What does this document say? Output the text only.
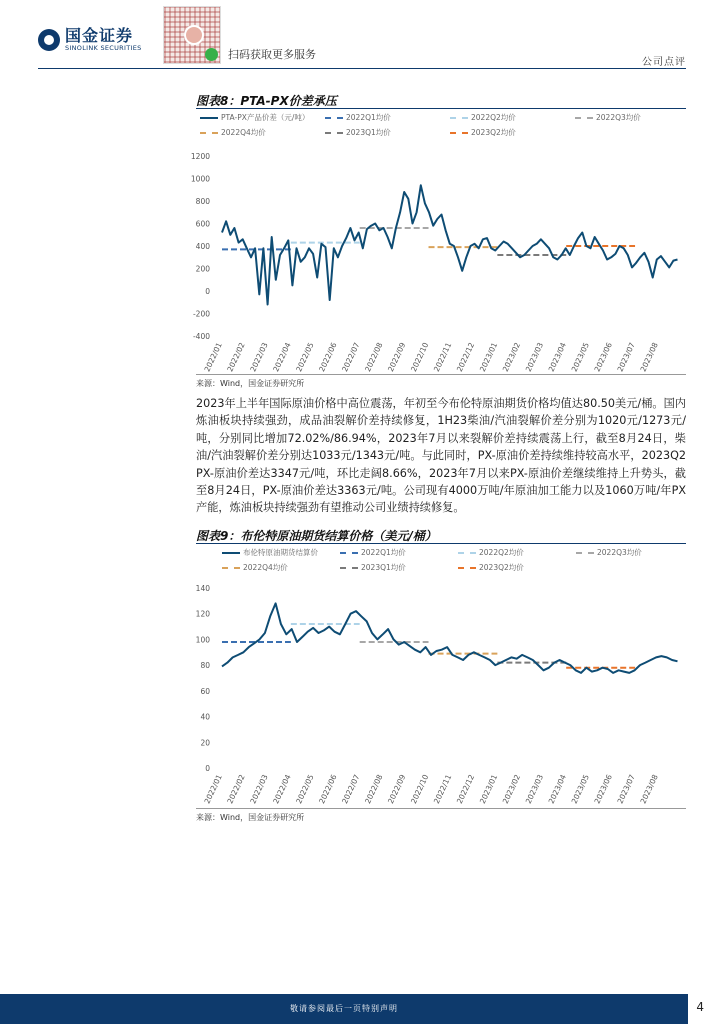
国金证券
SINOLINK SECURITIES	扫码获取更多服务
公司点评
图表8：PTA-PX价差承压
PTA-PX产品价差（元/吨）	2022Q1均价	2022Q2均价	2022Q3均价
2022Q4均价	2023Q1均价	2023Q2均价
1200
1000
800
600
400
200
0
-200
-400
2022/01 2022/02 2022/03 2022/04 2022/05 2022/06 2022/07 2022/08 2022/09 2022/10 2022/11 2022/12 2023/01 2023/02 2023/03 2023/04 2023/05 2023/06 2023/07 2023/08
来源：Wind，国金证券研究所
2023年上半年国际原油价格中高位震荡，年初至今布伦特原油期货价格均值达80.50美元/桶。国内炼油板块持续强劲，成品油裂解价差持续修复，1H23柴油/汽油裂解价差分别为1020元/1273元/吨，分别同比增加72.02%/86.94%，2023年7月以来裂解价差持续震荡上行，截至8月24日，柴油/汽油裂解价差分别达1033元/1343元/吨。与此同时，PX-原油价差持续维持较高水平，2023Q2 PX-原油价差达3347元/吨，环比走阔8.66%，2023年7月以来PX-原油价差继续维持上升势头，截至8月24日，PX-原油价差达3363元/吨。公司现有4000万吨/年原油加工能力以及1060万吨/年PX产能，炼油板块持续强劲有望推动公司业绩持续修复。
图表9：布伦特原油期货结算价格（美元/桶）
布伦特原油期货结算价	2022Q1均价	2022Q2均价	2022Q3均价
2022Q4均价	2023Q1均价	2023Q2均价
140
120
100
80
60
40
20
0
2022/01 2022/02 2022/03 2022/04 2022/05 2022/06 2022/07 2022/08 2022/09 2022/10 2022/11 2022/12 2023/01 2023/02 2023/03 2023/04 2023/05 2023/06 2023/07 2023/08
来源：Wind，国金证券研究所
敬请参阅最后一页特别声明	4
